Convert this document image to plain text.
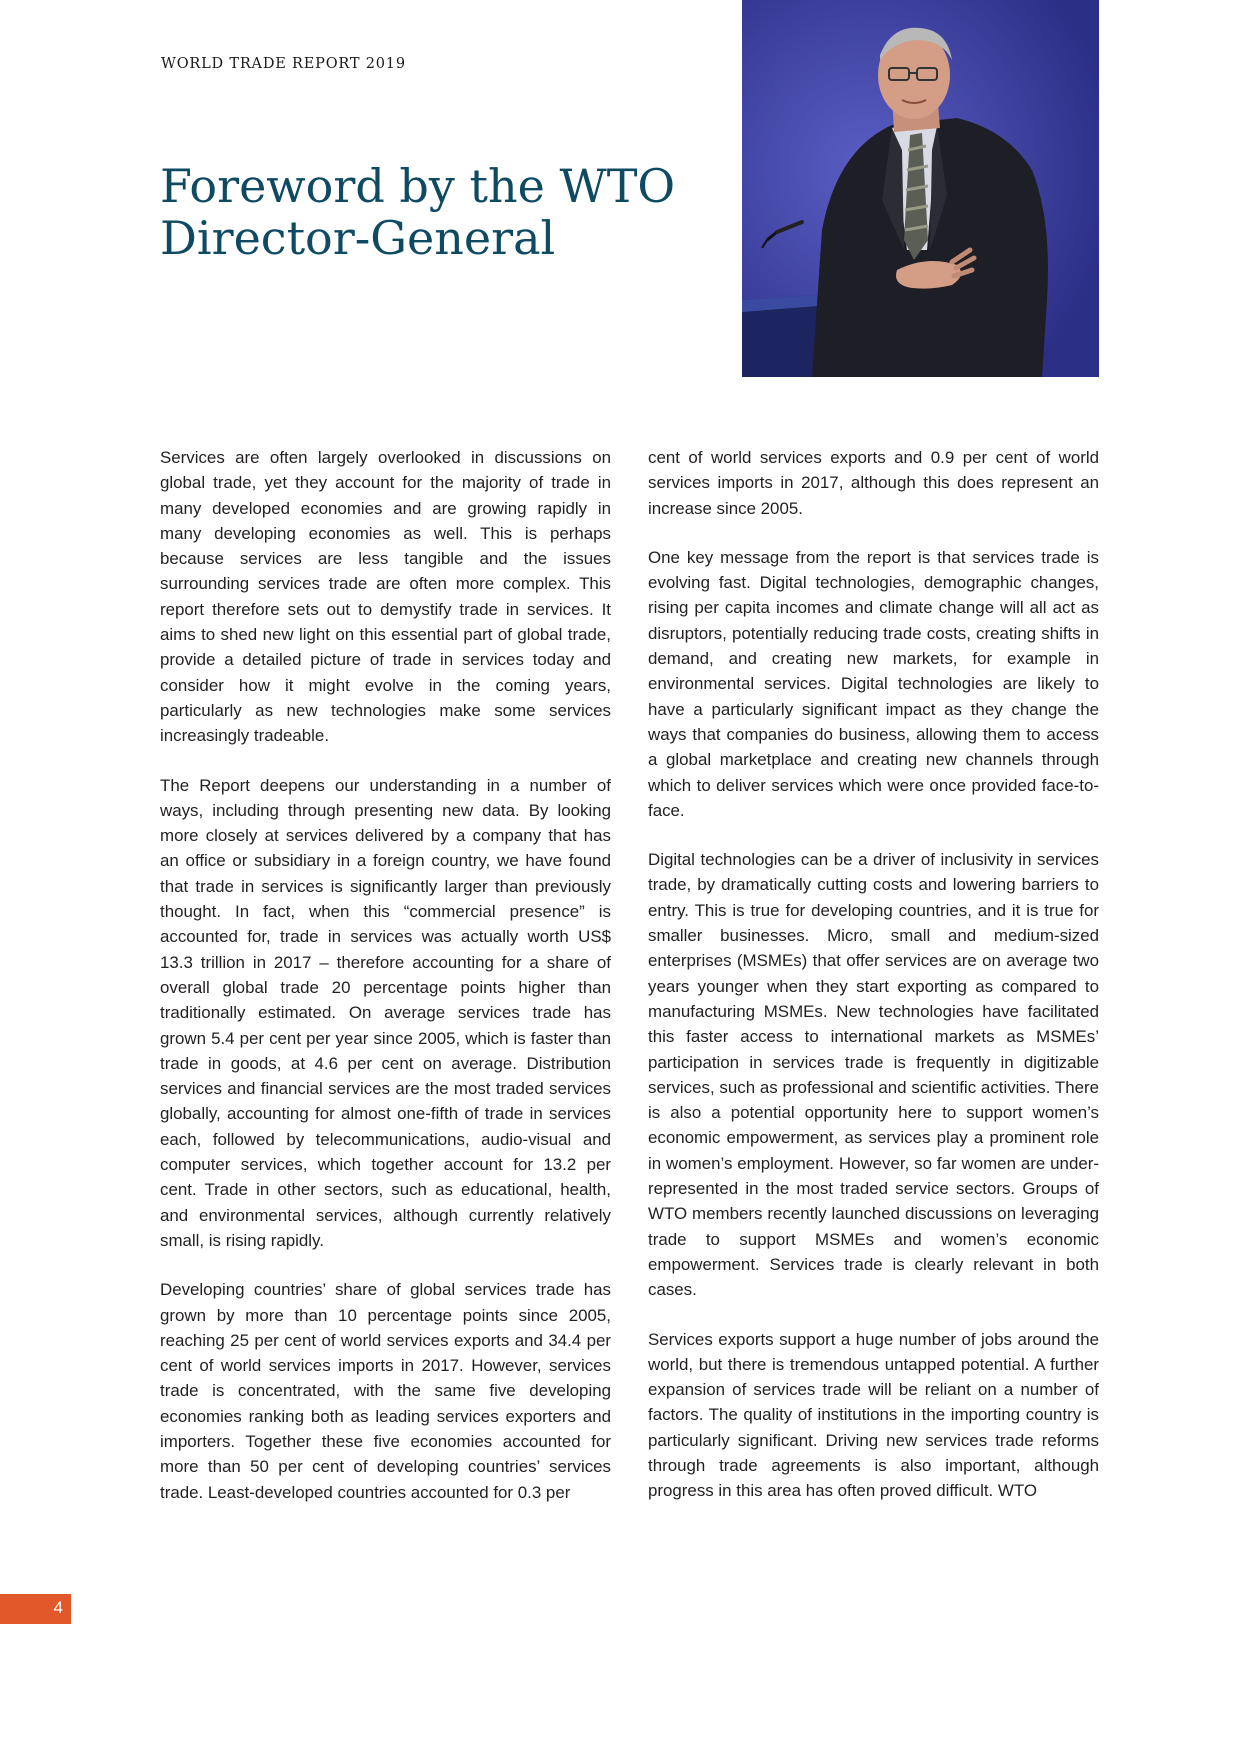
WORLD TRADE REPORT 2019
Foreword by the WTO
Director-General

Services are often largely overlooked in discussions on global trade, yet they account for the majority of trade in many developed economies and are growing rapidly in many developing economies as well. This is perhaps because services are less tangible and the issues surrounding services trade are often more complex. This report therefore sets out to demystify trade in services. It aims to shed new light on this essential part of global trade, provide a detailed picture of trade in services today and consider how it might evolve in the coming years, particularly as new technologies make some services increasingly tradeable.

The Report deepens our understanding in a number of ways, including through presenting new data. By looking more closely at services delivered by a company that has an office or subsidiary in a foreign country, we have found that trade in services is significantly larger than previously thought. In fact, when this “commercial presence” is accounted for, trade in services was actually worth US$ 13.3 trillion in 2017 – therefore accounting for a share of overall global trade 20 percentage points higher than traditionally estimated. On average services trade has grown 5.4 per cent per year since 2005, which is faster than trade in goods, at 4.6 per cent on average. Distribution services and financial services are the most traded services globally, accounting for almost one-fifth of trade in services each, followed by telecommunications, audio-visual and computer services, which together account for 13.2 per cent. Trade in other sectors, such as educational, health, and environmental services, although currently relatively small, is rising rapidly.

Developing countries’ share of global services trade has grown by more than 10 percentage points since 2005, reaching 25 per cent of world services exports and 34.4 per cent of world services imports in 2017. However, services trade is concentrated, with the same five developing economies ranking both as leading services exporters and importers. Together these five economies accounted for more than 50 per cent of developing countries’ services trade. Least-developed countries accounted for 0.3 per

cent of world services exports and 0.9 per cent of world services imports in 2017, although this does represent an increase since 2005.

One key message from the report is that services trade is evolving fast. Digital technologies, demographic changes, rising per capita incomes and climate change will all act as disruptors, potentially reducing trade costs, creating shifts in demand, and creating new markets, for example in environmental services. Digital technologies are likely to have a particularly significant impact as they change the ways that companies do business, allowing them to access a global marketplace and creating new channels through which to deliver services which were once provided face-to-face.

Digital technologies can be a driver of inclusivity in services trade, by dramatically cutting costs and lowering barriers to entry. This is true for developing countries, and it is true for smaller businesses. Micro, small and medium-sized enterprises (MSMEs) that offer services are on average two years younger when they start exporting as compared to manufacturing MSMEs. New technologies have facilitated this faster access to international markets as MSMEs’ participation in services trade is frequently in digitizable services, such as professional and scientific activities. There is also a potential opportunity here to support women’s economic empowerment, as services play a prominent role in women’s employment. However, so far women are under-represented in the most traded service sectors. Groups of WTO members recently launched discussions on leveraging trade to support MSMEs and women’s economic empowerment. Services trade is clearly relevant in both cases.

Services exports support a huge number of jobs around the world, but there is tremendous untapped potential. A further expansion of services trade will be reliant on a number of factors. The quality of institutions in the importing country is particularly significant. Driving new services trade reforms through trade agreements is also important, although progress in this area has often proved difficult. WTO

4
